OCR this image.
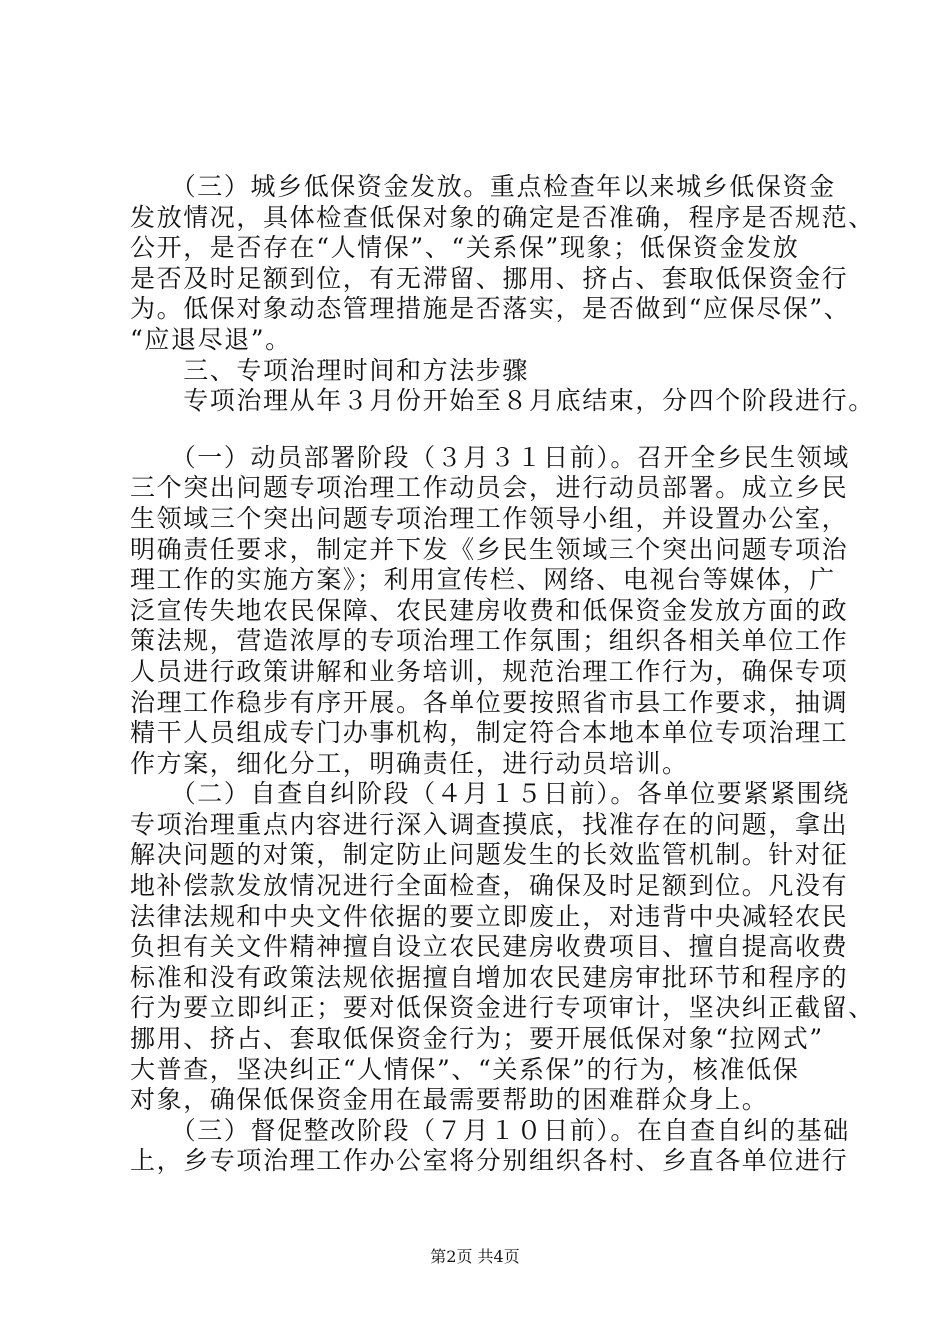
　　（三）城乡低保资金发放。重点检查年以来城乡低保资金
发放情况，具体检查低保对象的确定是否准确，程序是否规范、
公开，是否存在“人情保”、“关系保”现象；低保资金发放
是否及时足额到位，有无滞留、挪用、挤占、套取低保资金行
为。低保对象动态管理措施是否落实，是否做到“应保尽保”、
“应退尽退”。
　　三、专项治理时间和方法步骤
　　专项治理从年３月份开始至８月底结束，分四个阶段进行。
　　（一）动员部署阶段（３月３１日前）。召开全乡民生领域
三个突出问题专项治理工作动员会，进行动员部署。成立乡民
生领域三个突出问题专项治理工作领导小组，并设置办公室，
明确责任要求，制定并下发《乡民生领域三个突出问题专项治
理工作的实施方案》；利用宣传栏、网络、电视台等媒体，广
泛宣传失地农民保障、农民建房收费和低保资金发放方面的政
策法规，营造浓厚的专项治理工作氛围；组织各相关单位工作
人员进行政策讲解和业务培训，规范治理工作行为，确保专项
治理工作稳步有序开展。各单位要按照省市县工作要求，抽调
精干人员组成专门办事机构，制定符合本地本单位专项治理工
作方案，细化分工，明确责任，进行动员培训。
　　（二）自查自纠阶段（４月１５日前）。各单位要紧紧围绕
专项治理重点内容进行深入调查摸底，找准存在的问题，拿出
解决问题的对策，制定防止问题发生的长效监管机制。针对征
地补偿款发放情况进行全面检查，确保及时足额到位。凡没有
法律法规和中央文件依据的要立即废止，对违背中央减轻农民
负担有关文件精神擅自设立农民建房收费项目、擅自提高收费
标准和没有政策法规依据擅自增加农民建房审批环节和程序的
行为要立即纠正；要对低保资金进行专项审计，坚决纠正截留、
挪用、挤占、套取低保资金行为；要开展低保对象“拉网式”
大普查，坚决纠正“人情保”、“关系保”的行为，核准低保
对象，确保低保资金用在最需要帮助的困难群众身上。
　　（三）督促整改阶段（７月１０日前）。在自查自纠的基础
上，乡专项治理工作办公室将分别组织各村、乡直各单位进行
第2页 共4页
